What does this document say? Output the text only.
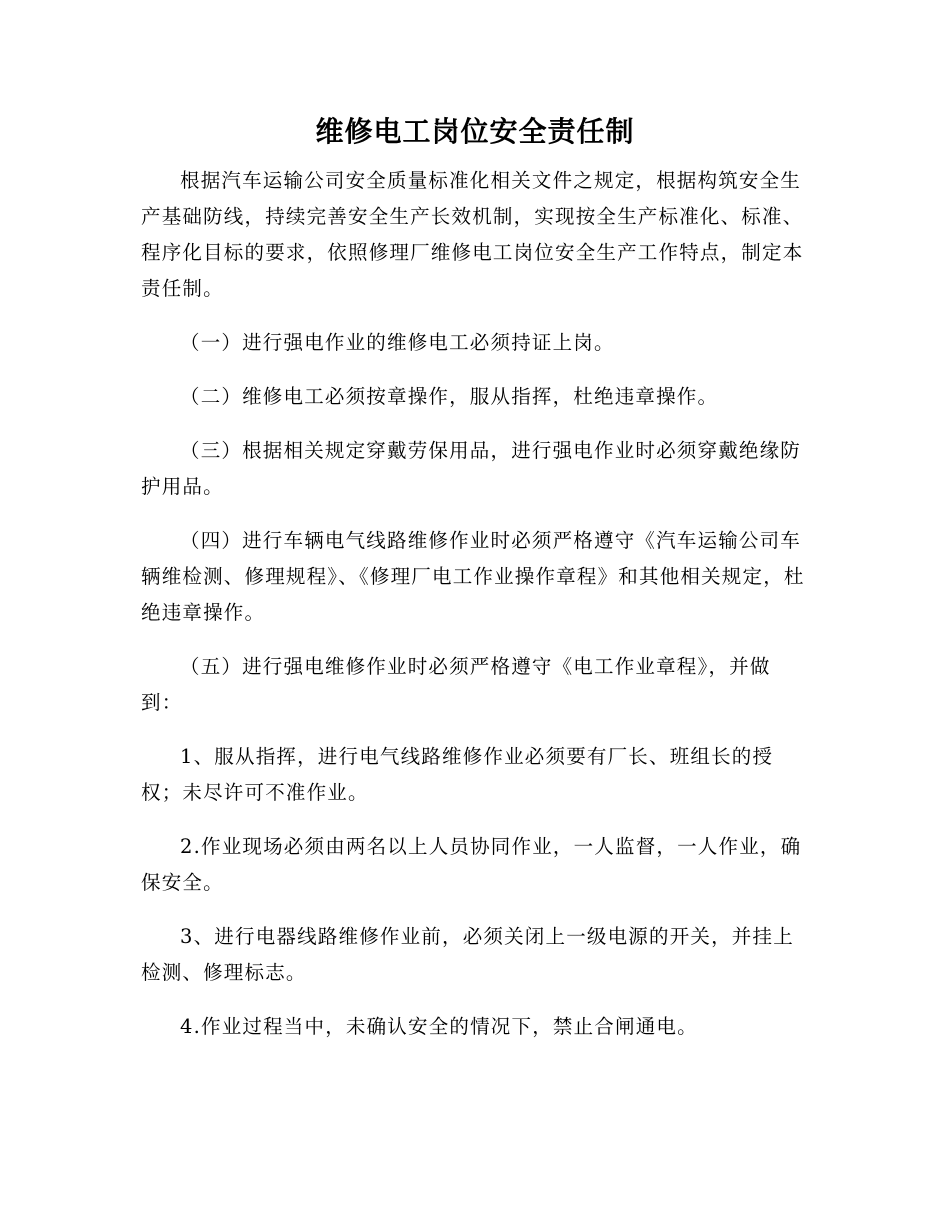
维修电工岗位安全责任制

根据汽车运输公司安全质量标准化相关文件之规定，根据构筑安全生产基础防线，持续完善安全生产长效机制，实现按全生产标准化、标准、程序化目标的要求，依照修理厂维修电工岗位安全生产工作特点，制定本责任制。

（一）进行强电作业的维修电工必须持证上岗。

（二）维修电工必须按章操作，服从指挥，杜绝违章操作。

（三）根据相关规定穿戴劳保用品，进行强电作业时必须穿戴绝缘防护用品。

（四）进行车辆电气线路维修作业时必须严格遵守《汽车运输公司车辆维检测、修理规程》、《修理厂电工作业操作章程》和其他相关规定，杜绝违章操作。

（五）进行强电维修作业时必须严格遵守《电工作业章程》，并做到：

1、服从指挥，进行电气线路维修作业必须要有厂长、班组长的授权；未尽许可不准作业。

2.作业现场必须由两名以上人员协同作业，一人监督，一人作业，确保安全。

3、进行电器线路维修作业前，必须关闭上一级电源的开关，并挂上检测、修理标志。

4.作业过程当中，未确认安全的情况下，禁止合闸通电。
